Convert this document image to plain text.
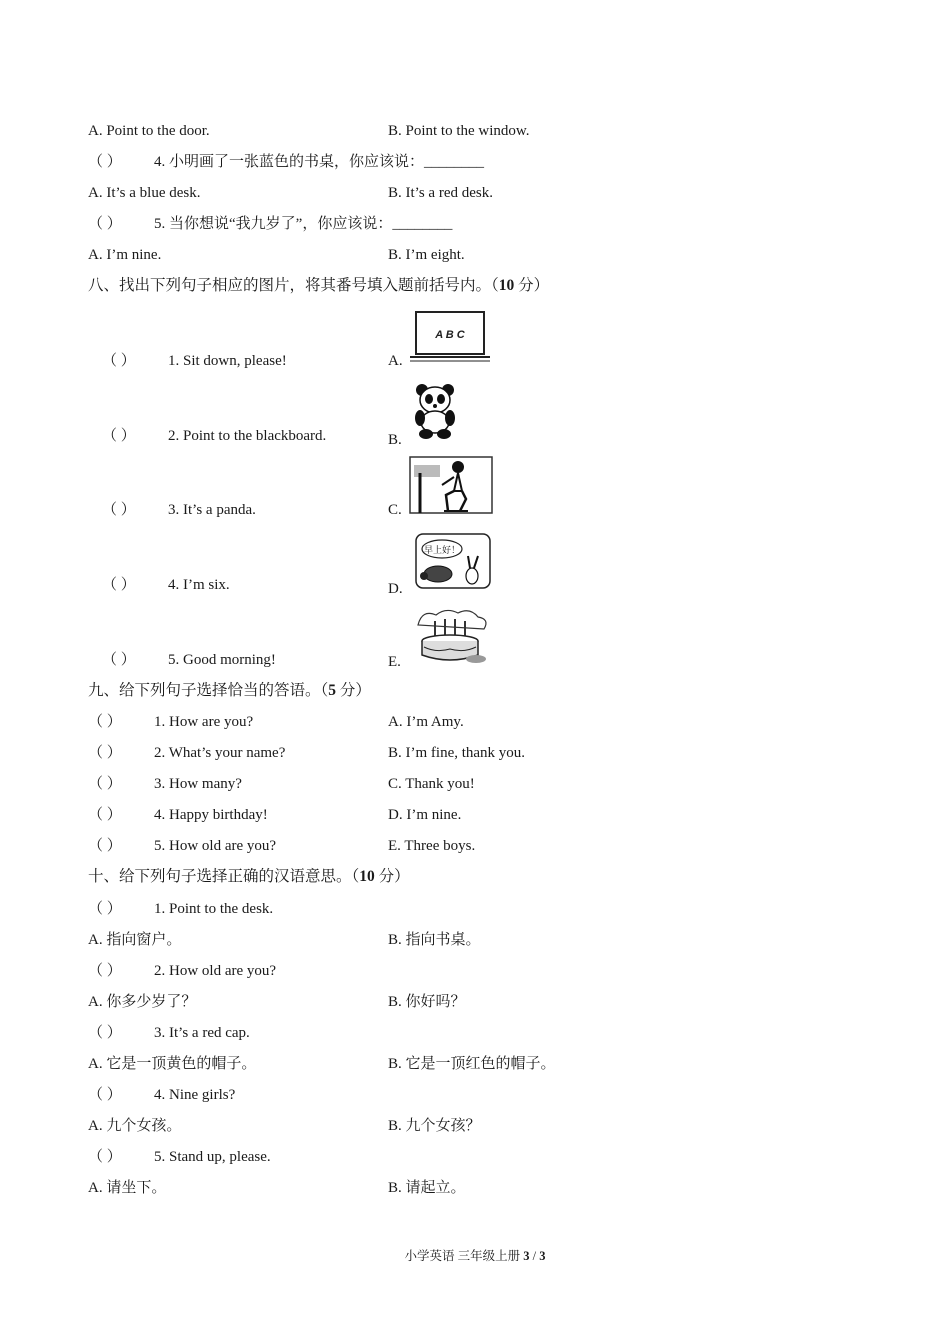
A. Point to the door.	B. Point to the window.
（ ） 4. 小明画了一张蓝色的书桌，你应该说：________
A. It’s a blue desk.	B. It’s a red desk.
（ ） 5. 当你想说“我九岁了”，你应该说：________
A. I’m nine.	B. I’m eight.
八、找出下列句子相应的图片，将其番号填入题前括号内。（10 分）
（ ） 1. Sit down, please!	A.
（ ） 2. Point to the blackboard.	B.
（ ） 3. It’s a panda.	C.
（ ） 4. I’m six.	D.
（ ） 5. Good morning!	E.
A B C
早上好！
九、给下列句子选择恰当的答语。（5 分）
（ ） 1. How are you?	A. I’m Amy.
（ ） 2. What’s your name?	B. I’m fine, thank you.
（ ） 3. How many?	C. Thank you!
（ ） 4. Happy birthday!	D. I’m nine.
（ ） 5. How old are you?	E. Three boys.
十、给下列句子选择正确的汉语意思。（10 分）
（ ） 1. Point to the desk.
A. 指向窗户。	B. 指向书桌。
（ ） 2. How old are you?
A. 你多少岁了？	B. 你好吗？
（ ） 3. It’s a red cap.
A. 它是一顶黄色的帽子。	B. 它是一顶红色的帽子。
（ ） 4. Nine girls?
A. 九个女孩。	B. 九个女孩？
（ ） 5. Stand up, please.
A. 请坐下。	B. 请起立。
小学英语 三年级上册 3 / 3
